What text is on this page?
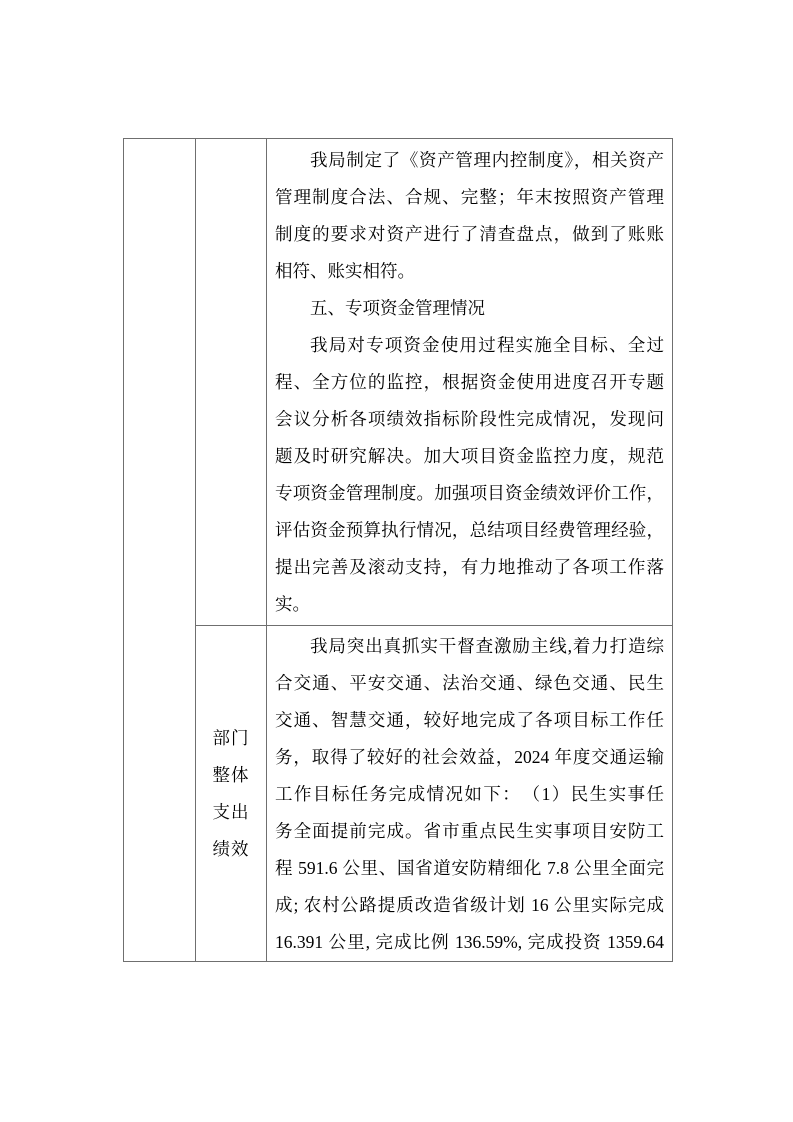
我局制定了《资产管理内控制度》，相关资产
管理制度合法、合规、完整；年末按照资产管理
制度的要求对资产进行了清查盘点，做到了账账
相符、账实相符。
五、专项资金管理情况
我局对专项资金使用过程实施全目标、全过
程、全方位的监控，根据资金使用进度召开专题
会议分析各项绩效指标阶段性完成情况，发现问
题及时研究解决。加大项目资金监控力度，规范
专项资金管理制度。加强项目资金绩效评价工作，
评估资金预算执行情况，总结项目经费管理经验，
提出完善及滚动支持，有力地推动了各项工作落
实。
部门
整体
支出
绩效
我局突出真抓实干督查激励主线,着力打造综
合交通、平安交通、法治交通、绿色交通、民生
交通、智慧交通，较好地完成了各项目标工作任
务，取得了较好的社会效益，2024 年度交通运输
工作目标任务完成情况如下：　（1）民生实事任
务全面提前完成。省市重点民生实事项目安防工
程 591.6 公里、国省道安防精细化 7.8 公里全面完
成; 农村公路提质改造省级计划 16 公里实际完成
16.391 公里, 完成比例 136.59%, 完成投资 1359.64
